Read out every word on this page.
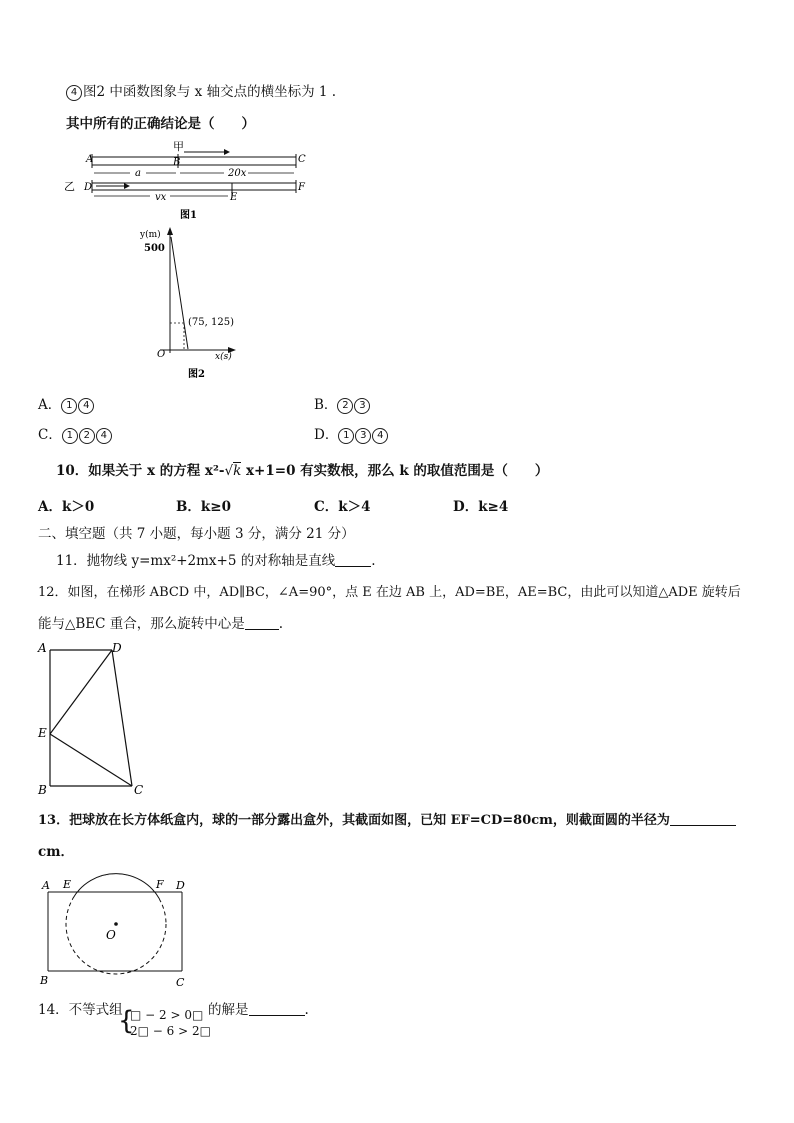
4 图2 中函数图象与 x 轴交点的横坐标为 1 .
其中所有的正确结论是（　　）
甲
A	B	C
a	20x
乙 D	F
E
vx
图1
y(m)
500
(75, 125)
O	x(s)
图2
A． 1 4	B． 2 3
C． 1 2 4	D． 1 3 4
10．如果关于 x 的方程 x²-√k x+1=0 有实数根，那么 k 的取值范围是（　　）
A．k＞0	B．k≥0	C．k＞4	D．k≥4
二、填空题（共 7 小题，每小题 3 分，满分 21 分）
11．抛物线 y=mx²+2mx+5 的对称轴是直线	.
12．如图，在梯形 ABCD 中，AD∥BC，∠A=90°，点 E 在边 AB 上，AD=BE，AE=BC，由此可以知道△ADE 旋转后
能与△BEC 重合，那么旋转中心是	.
A	D
E
B	C
13．把球放在长方体纸盒内，球的一部分露出盒外，其截面如图，已知 EF=CD=80cm，则截面圆的半径为
cm．
A E	F D
O
B	C
14．不等式组
{
□ − 2 > 0□
2□ − 6 > 2□
的解是	.
